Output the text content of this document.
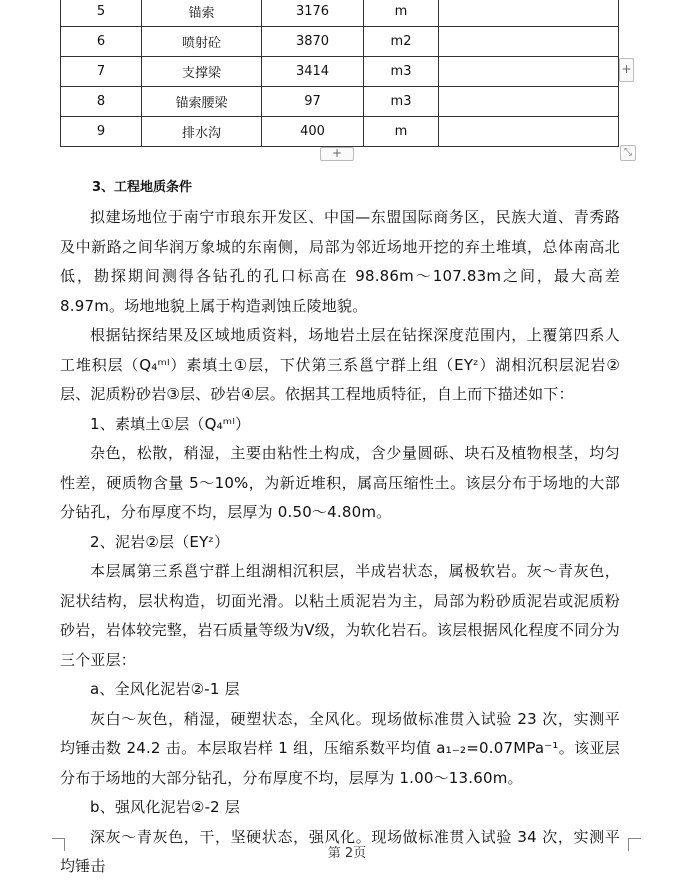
5	锚索	3176	m	
6	喷射砼	3870	m2	
7	支撑梁	3414	m3	
8	锚索腰梁	97	m3	
9	排水沟	400	m	
+
+	⤡
3、工程地质条件

拟建场地位于南宁市琅东开发区、中国—东盟国际商务区，民族大道、青秀路及中新路之间华润万象城的东南侧，局部为邻近场地开挖的弃土堆填，总体南高北低，勘探期间测得各钻孔的孔口标高在 98.86m～107.83m之间，最大高差 8.97m。场地地貌上属于构造剥蚀丘陵地貌。

根据钻探结果及区域地质资料，场地岩土层在钻探深度范围内，上覆第四系人工堆积层（Q₄ᵐˡ）素填土①层，下伏第三系邕宁群上组（EYᶻ）湖相沉积层泥岩②层、泥质粉砂岩③层、砂岩④层。依据其工程地质特征，自上而下描述如下：

1、素填土①层（Q₄ᵐˡ）

杂色，松散，稍湿，主要由粘性土构成，含少量圆砾、块石及植物根茎，均匀性差，硬质物含量 5～10%，为新近堆积，属高压缩性土。该层分布于场地的大部分钻孔，分布厚度不均，层厚为 0.50～4.80m。

2、泥岩②层（EYᶻ）

本层属第三系邕宁群上组湖相沉积层，半成岩状态，属极软岩。灰～青灰色，泥状结构，层状构造，切面光滑。以粘土质泥岩为主，局部为粉砂质泥岩或泥质粉砂岩，岩体较完整，岩石质量等级为Ⅴ级，为软化岩石。该层根据风化程度不同分为三个亚层：

a、全风化泥岩②-1 层

灰白～灰色，稍湿，硬塑状态，全风化。现场做标准贯入试验 23 次，实测平均锤击数 24.2 击。本层取岩样 1 组，压缩系数平均值 a₁₋₂=0.07MPa⁻¹。该亚层分布于场地的大部分钻孔，分布厚度不均，层厚为 1.00～13.60m。

b、强风化泥岩②-2 层

深灰～青灰色，干，坚硬状态，强风化。现场做标准贯入试验 34 次，实测平均锤击

第 2页
